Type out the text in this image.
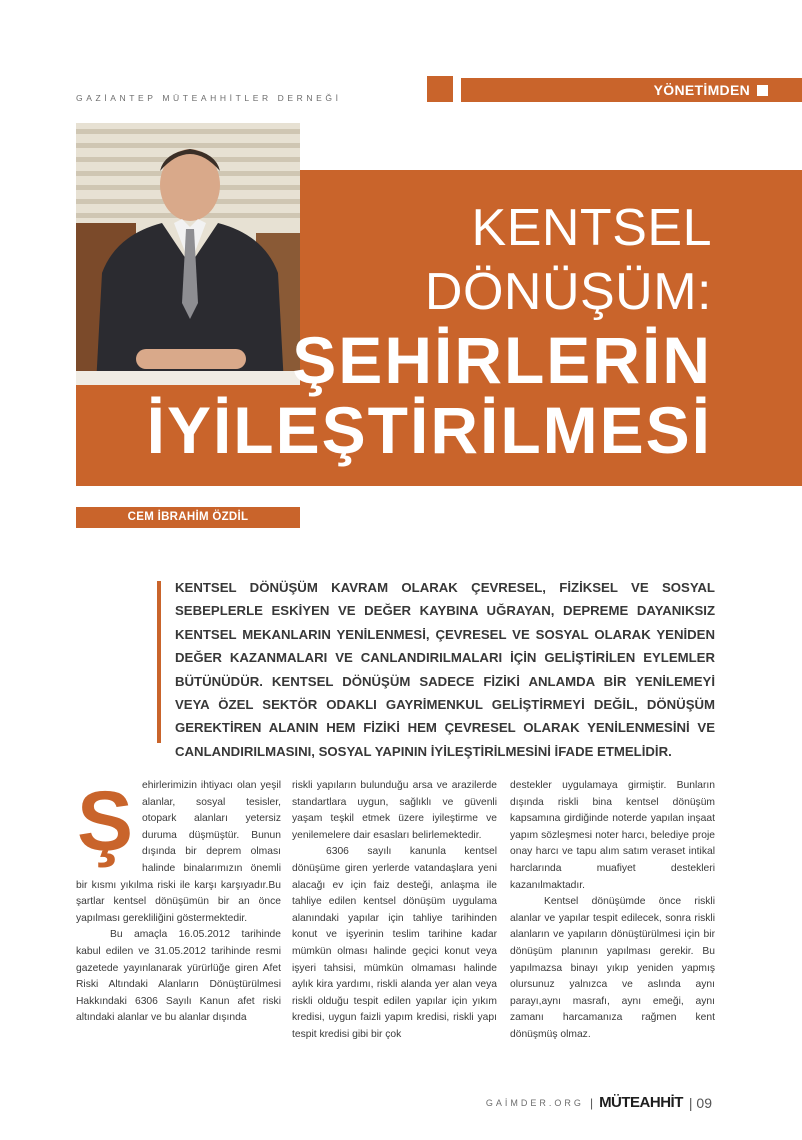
GAZİANTEP MÜTEAHHİTLER DERNEĞİ	YÖNETİMDEN
KENTSEL
DÖNÜŞÜM:
ŞEHİRLERİN
İYİLEŞTİRİLMESİ
GAİMDER BAŞKAN YARDIMCISI
CEM İBRAHİM ÖZDİL
KENTSEL DÖNÜŞÜM KAVRAM OLARAK ÇEVRESEL, FİZİKSEL VE SOSYAL SEBEPLERLE ESKİYEN VE DEĞER KAYBINA UĞRAYAN, DEPREME DAYANIKSIZ KENTSEL MEKANLARIN YENİLENMESİ, ÇEVRESEL VE SOSYAL OLARAK YENİDEN DEĞER KAZANMALARI VE CANLANDIRILMALARI İÇİN GELİŞTİRİLEN EYLEMLER BÜTÜNÜDÜR. KENTSEL DÖNÜŞÜM SADECE FİZİKİ ANLAMDA BİR YENİLEMEYİ VEYA ÖZEL SEKTÖR ODAKLI GAYRİMENKUL GELİŞTİRMEYİ DEĞİL, DÖNÜŞÜM GEREKTİREN ALANIN HEM FİZİKİ HEM ÇEVRESEL OLARAK YENİLENMESİNİ VE CANLANDIRILMASINI, SOSYAL YAPININ İYİLEŞTİRİLMESİNİ İFADE ETMELİDİR.
Ş ehirlerimizin ihtiyacı olan yeşil alanlar, sosyal tesisler, otopark alanları yetersiz duruma düşmüştür. Bunun dışında bir deprem olması halinde binalarımızın önemli bir kısmı yıkılma riski ile karşı karşıyadır.Bu şartlar kentsel dönüşümün bir an önce yapılması gerekliliğini göstermektedir.

Bu amaçla 16.05.2012 tarihinde kabul edilen ve 31.05.2012 tarihinde resmi gazetede yayınlanarak yürürlüğe giren Afet Riski Altındaki Alanların Dönüştürülmesi Hakkındaki 6306 Sayılı Kanun afet riski altındaki alanlar ve bu alanlar dışında

riskli yapıların bulunduğu arsa ve arazilerde standartlara uygun, sağlıklı ve güvenli yaşam teşkil etmek üzere iyileştirme ve yenilemelere dair esasları belirlemektedir.

6306 sayılı kanunla kentsel dönüşüme giren yerlerde vatandaşlara yeni alacağı ev için faiz desteği, anlaşma ile tahliye edilen kentsel dönüşüm uygulama alanındaki yapılar için tahliye tarihinden konut ve işyerinin teslim tarihine kadar mümkün olması halinde geçici konut veya işyeri tahsisi, mümkün olmaması halinde aylık kira yardımı, riskli alanda yer alan veya riskli olduğu tespit edilen yapılar için yıkım kredisi, uygun faizli yapım kredisi, riskli yapı tespit kredisi gibi bir çok

destekler uygulamaya girmiştir. Bunların dışında riskli bina kentsel dönüşüm kapsamına girdiğinde noterde yapılan inşaat yapım sözleşmesi noter harcı, belediye proje onay harcı ve tapu alım satım veraset intikal harclarında muafiyet destekleri kazanılmaktadır.

Kentsel dönüşümde önce riskli alanlar ve yapılar tespit edilecek, sonra riskli alanların ve yapıların dönüştürülmesi için bir dönüşüm planının yapılması gerekir. Bu yapılmazsa binayı yıkıp yeniden yapmış olursunuz yalnızca ve aslında aynı parayı,aynı masrafı, aynı emeği, aynı zamanı harcamanıza rağmen kent dönüşmüş olmaz.

GAİMDER.ORG | MÜTEAHHİT | 09
